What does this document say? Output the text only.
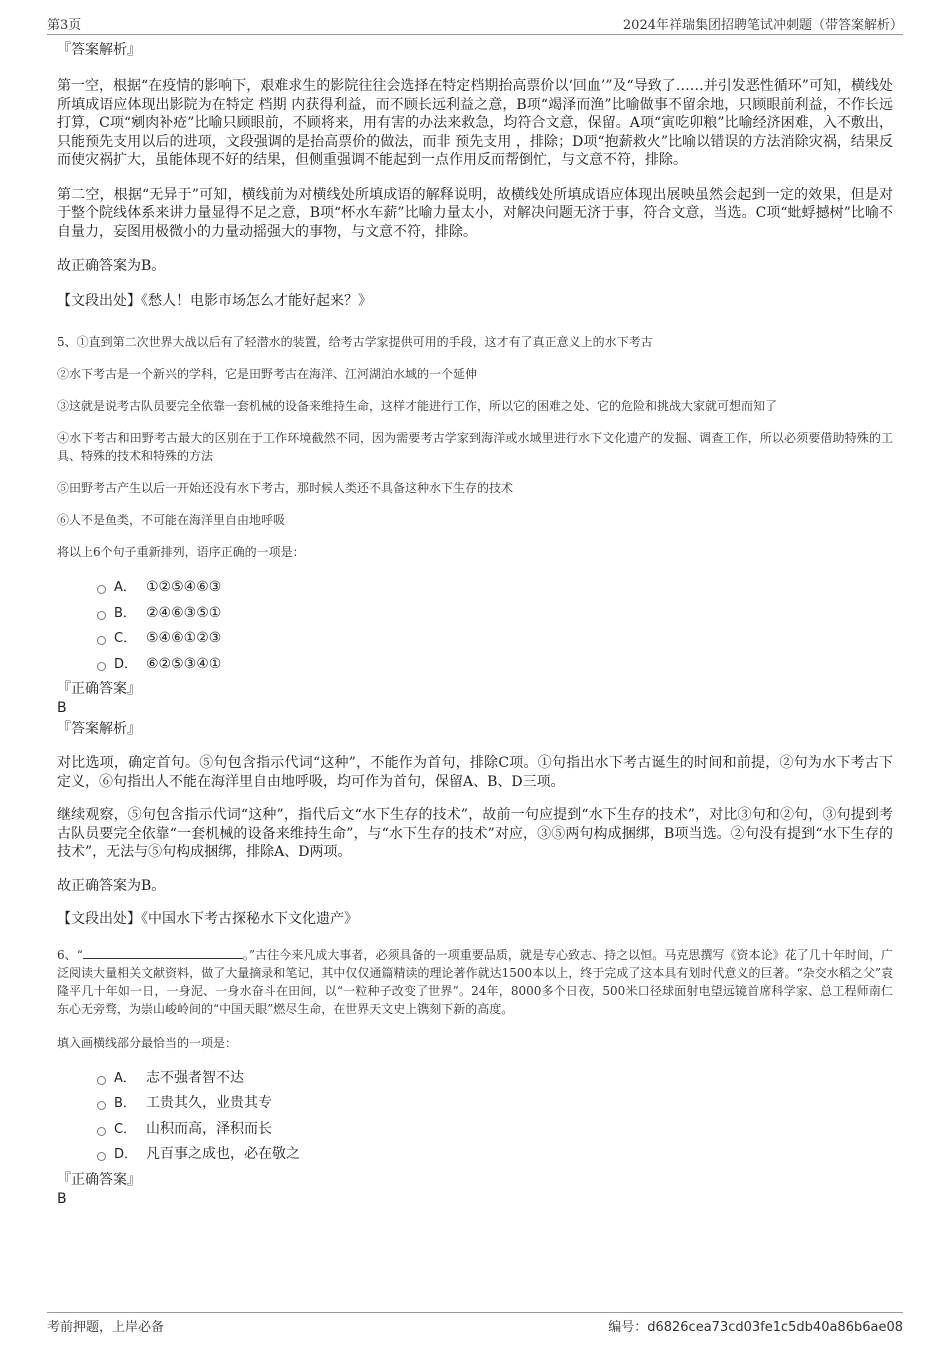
第3页	2024年祥瑞集团招聘笔试冲刺题（带答案解析）

『答案解析』

第一空，根据“在疫情的影响下，艰难求生的影院往往会选择在特定档期抬高票价以‘回血’”及“导致了……并引发恶性循环”可知，横线处所填成语应体现出影院为在特定 档期 内获得利益，而不顾长远利益之意，B项“竭泽而渔”比喻做事不留余地，只顾眼前利益，不作长远打算，C项“剜肉补疮”比喻只顾眼前，不顾将来，用有害的办法来救急，均符合文意，保留。A项“寅吃卯粮”比喻经济困难，入不敷出，只能预先支用以后的进项，文段强调的是抬高票价的做法，而非 预先支用 ，排除；D项“抱薪救火”比喻以错误的方法消除灾祸，结果反而使灾祸扩大，虽能体现不好的结果，但侧重强调不能起到一点作用反而帮倒忙，与文意不符，排除。

第二空，根据“无异于”可知，横线前为对横线处所填成语的解释说明，故横线处所填成语应体现出展映虽然会起到一定的效果，但是对于整个院线体系来讲力量显得不足之意，B项“杯水车薪”比喻力量太小，对解决问题无济于事，符合文意，当选。C项“蚍蜉撼树”比喻不自量力，妄图用极微小的力量动摇强大的事物，与文意不符，排除。

故正确答案为B。

【文段出处】《愁人！电影市场怎么才能好起来？》

5、①直到第二次世界大战以后有了轻潜水的装置，给考古学家提供可用的手段，这才有了真正意义上的水下考古

②水下考古是一个新兴的学科，它是田野考古在海洋、江河湖泊水域的一个延伸

③这就是说考古队员要完全依靠一套机械的设备来维持生命，这样才能进行工作，所以它的困难之处、它的危险和挑战大家就可想而知了

④水下考古和田野考古最大的区别在于工作环境截然不同，因为需要考古学家到海洋或水域里进行水下文化遗产的发掘、调查工作，所以必须要借助特殊的工具、特殊的技术和特殊的方法

⑤田野考古产生以后一开始还没有水下考古，那时候人类还不具备这种水下生存的技术

⑥人不是鱼类，不可能在海洋里自由地呼吸

将以上6个句子重新排列，语序正确的一项是：

A． ①②⑤④⑥③
B． ②④⑥③⑤①
C． ⑤④⑥①②③
D． ⑥②⑤③④①

『正确答案』

B

『答案解析』

对比选项，确定首句。⑤句包含指示代词“这种”，不能作为首句，排除C项。①句指出水下考古诞生的时间和前提，②句为水下考古下定义，⑥句指出人不能在海洋里自由地呼吸，均可作为首句，保留A、B、D三项。

继续观察，⑤句包含指示代词“这种”，指代后文“水下生存的技术”，故前一句应提到“水下生存的技术”，对比③句和②句，③句提到考古队员要完全依靠“一套机械的设备来维持生命”，与“水下生存的技术”对应，③⑤两句构成捆绑，B项当选。②句没有提到“水下生存的技术”，无法与⑤句构成捆绑，排除A、D两项。

故正确答案为B。

【文段出处】《中国水下考古探秘水下文化遗产》

6、“	。”古往今来凡成大事者，必须具备的一项重要品质，就是专心致志、持之以恒。马克思撰写《资本论》花了几十年时间，广泛阅读大量相关文献资料，做了大量摘录和笔记，其中仅仅通篇精读的理论著作就达1500本以上，终于完成了这本具有划时代意义的巨著。“杂交水稻之父”袁隆平几十年如一日，一身泥、一身水奋斗在田间，以“一粒种子改变了世界”。24年，8000多个日夜，500米口径球面射电望远镜首席科学家、总工程师南仁东心无旁骛，为崇山峻岭间的“中国天眼”燃尽生命，在世界天文史上镌刻下新的高度。

填入画横线部分最恰当的一项是：

A． 志不强者智不达
B． 工贵其久，业贵其专
C． 山积而高，泽积而长
D． 凡百事之成也，必在敬之

『正确答案』

B

考前押题，上岸必备	编号：d6826cea73cd03fe1c5db40a86b6ae08
